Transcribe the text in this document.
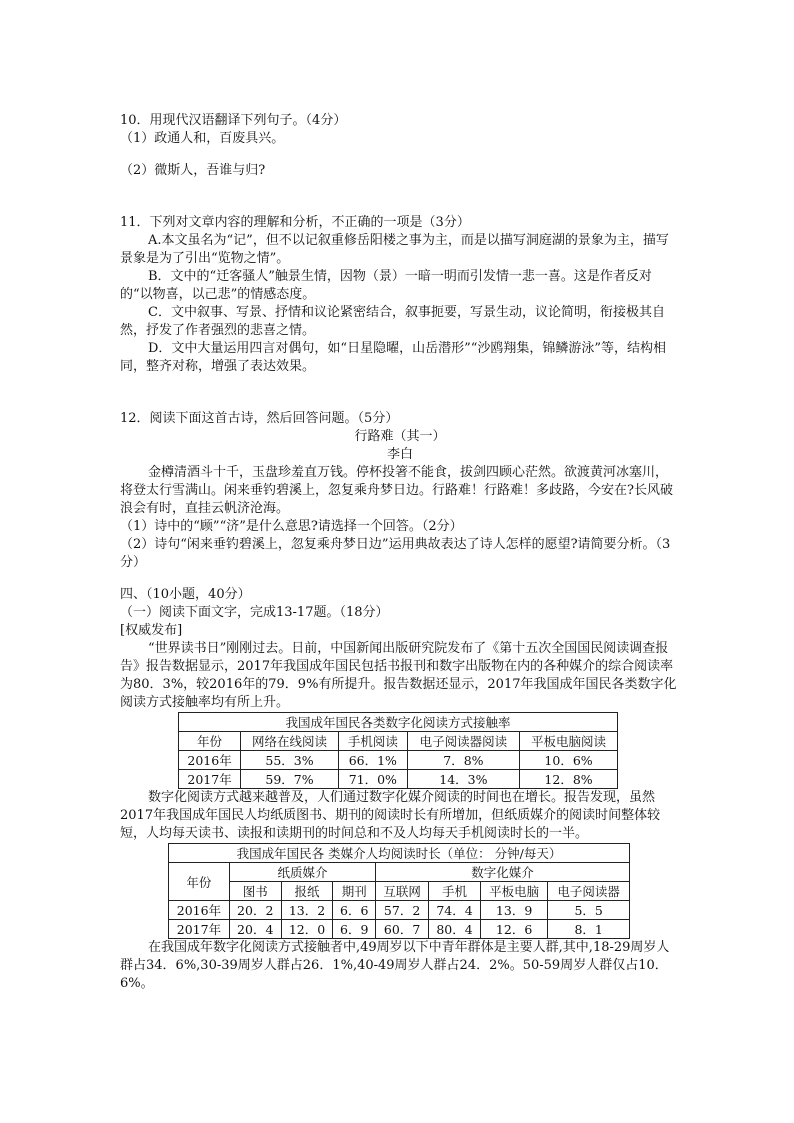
10．用现代汉语翻译下列句子。（4分）
（1）政通人和，百废具兴。
（2）微斯人，吾谁与归?
11．下列对文章内容的理解和分析，不正确的一项是（3分）
A.本文虽名为“记”，但不以记叙重修岳阳楼之事为主，而是以描写洞庭湖的景象为主，描写景象是为了引出“览物之情”。
B．文中的“迁客骚人”触景生情，因物（景）一暗一明而引发情一悲一喜。这是作者反对的“以物喜，以己悲”的情感态度。
C．文中叙事、写景、抒情和议论紧密结合，叙事扼要，写景生动，议论简明，衔接极其自然，抒发了作者强烈的悲喜之情。
D．文中大量运用四言对偶句，如“日星隐曜，山岳潜形”“沙鸥翔集，锦鳞游泳”等，结构相同，整齐对称，增强了表达效果。
12．阅读下面这首古诗，然后回答问题。（5分）
行路难（其一）
李白
金樽清酒斗十千，玉盘珍羞直万钱。停杯投箸不能食，拔剑四顾心茫然。欲渡黄河冰塞川，将登太行雪满山。闲来垂钓碧溪上，忽复乘舟梦日边。行路难！行路难！多歧路，今安在?长风破浪会有时，直挂云帆济沧海。
（1）诗中的“顾”“济”是什么意思?请选择一个回答。（2分）
（2）诗句“闲来垂钓碧溪上，忽复乘舟梦日边”运用典故表达了诗人怎样的愿望?请简要分析。（3分）
四、（10小题，40分）
（一）阅读下面文字，完成13-17题。（18分）
[权威发布]
“世界读书日”刚刚过去。日前，中国新闻出版研究院发布了《第十五次全国国民阅读调查报告》报告数据显示，2017年我国成年国民包括书报刊和数字出版物在内的各种媒介的综合阅读率为80．3%，较2016年的79．9%有所提升。报告数据还显示，2017年我国成年国民各类数字化阅读方式接触率均有所上升。
我国成年国民各类数字化阅读方式接触率				
年份	网络在线阅读	手机阅读	电子阅读器阅读	平板电脑阅读
2016年	55．3%	66．1%	7．8%	10．6%
2017年	59．7%	71．0%	14．3%	12．8%
数字化阅读方式越来越普及，人们通过数字化媒介阅读的时间也在增长。报告发现，虽然2017年我国成年国民人均纸质图书、期刊的阅读时长有所增加，但纸质媒介的阅读时间整体较短，人均每天读书、读报和读期刊的时间总和不及人均每天手机阅读时长的一半。
我国成年国民各 类媒介人均阅读时长（单位： 分钟/每天）							
年份	纸质媒介			数字化媒介			
	图书	报纸	期刊	互联网	手机	平板电脑	电子阅读器
2016年	20．2	13．2	6．6	57．2	74．4	13．9	5．5
2017年	20．4	12．0	6．9	60．7	80．4	12．6	8．1
在我国成年数字化阅读方式接触者中,49周岁以下中青年群体是主要人群,其中,18-29周岁人群占34．6%,30-39周岁人群占26．1%,40-49周岁人群占24．2%。50-59周岁人群仅占10．6%。
